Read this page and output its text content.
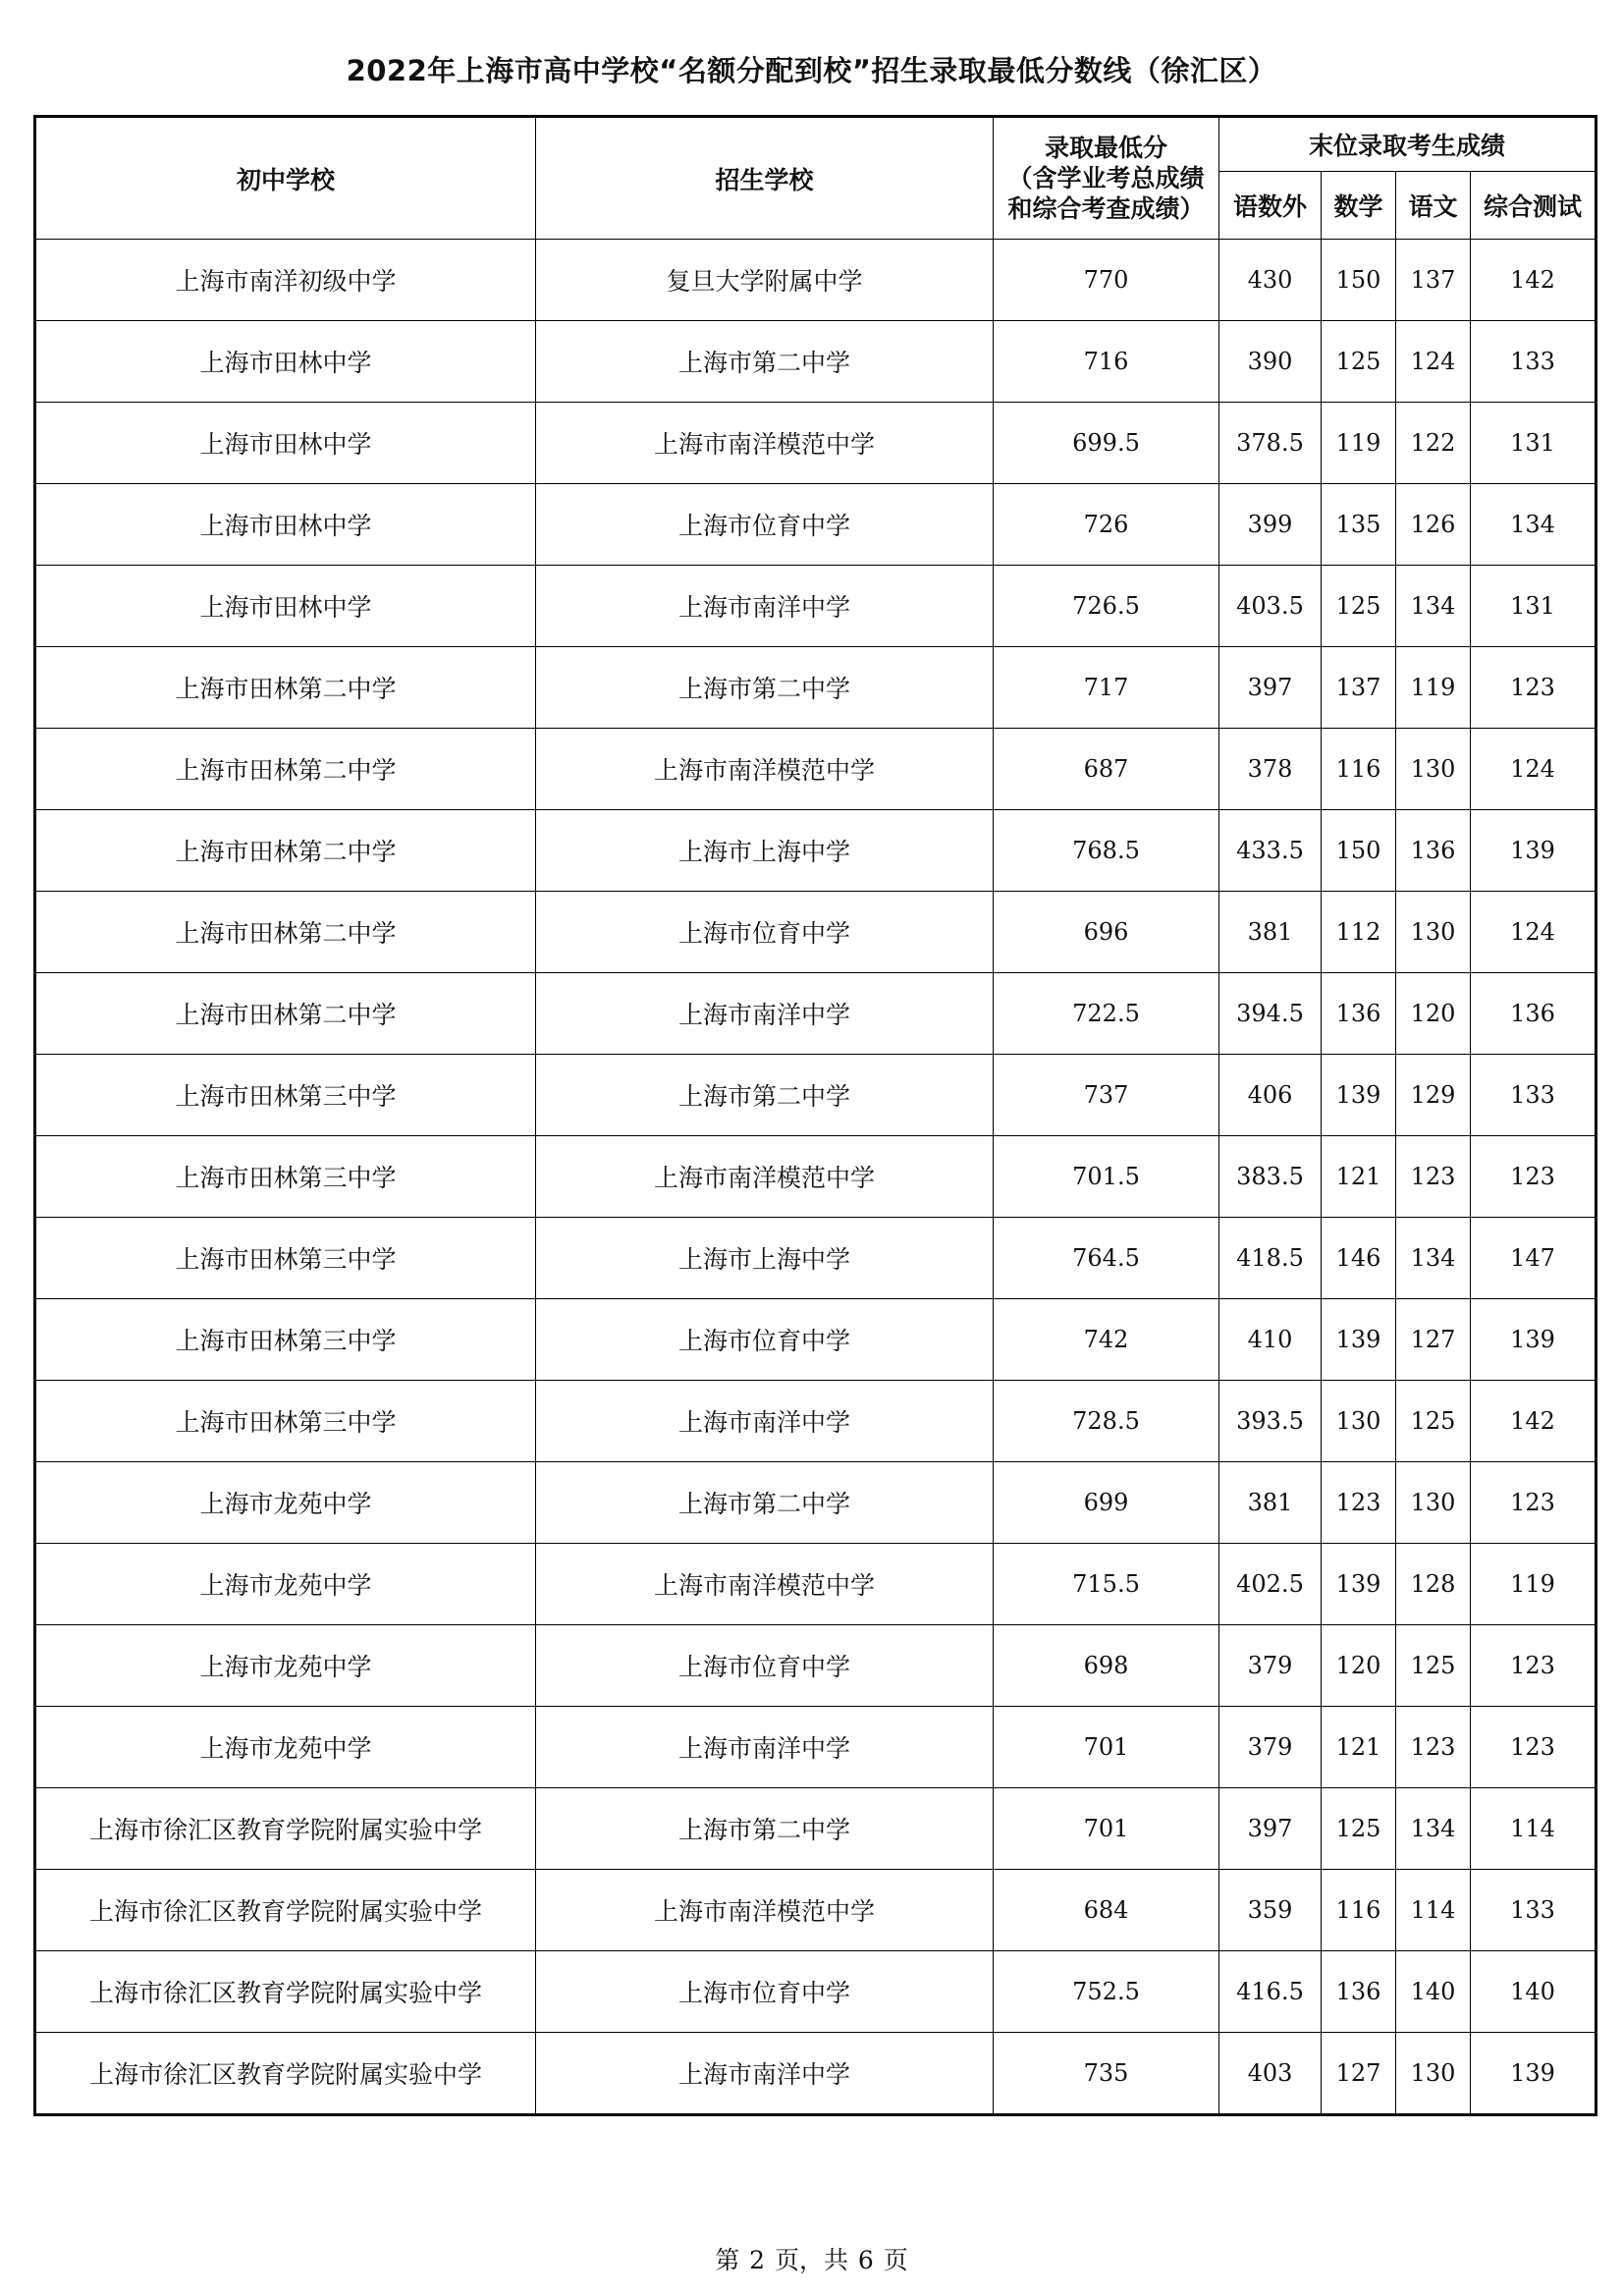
2022年上海市高中学校“名额分配到校”招生录取最低分数线（徐汇区）
初中学校	招生学校	录取最低分
（含学业考总成绩
和综合考查成绩）	末位录取考生成绩			
			语数外	数学	语文	综合测试
上海市南洋初级中学	复旦大学附属中学	770	430	150	137	142
上海市田林中学	上海市第二中学	716	390	125	124	133
上海市田林中学	上海市南洋模范中学	699.5	378.5	119	122	131
上海市田林中学	上海市位育中学	726	399	135	126	134
上海市田林中学	上海市南洋中学	726.5	403.5	125	134	131
上海市田林第二中学	上海市第二中学	717	397	137	119	123
上海市田林第二中学	上海市南洋模范中学	687	378	116	130	124
上海市田林第二中学	上海市上海中学	768.5	433.5	150	136	139
上海市田林第二中学	上海市位育中学	696	381	112	130	124
上海市田林第二中学	上海市南洋中学	722.5	394.5	136	120	136
上海市田林第三中学	上海市第二中学	737	406	139	129	133
上海市田林第三中学	上海市南洋模范中学	701.5	383.5	121	123	123
上海市田林第三中学	上海市上海中学	764.5	418.5	146	134	147
上海市田林第三中学	上海市位育中学	742	410	139	127	139
上海市田林第三中学	上海市南洋中学	728.5	393.5	130	125	142
上海市龙苑中学	上海市第二中学	699	381	123	130	123
上海市龙苑中学	上海市南洋模范中学	715.5	402.5	139	128	119
上海市龙苑中学	上海市位育中学	698	379	120	125	123
上海市龙苑中学	上海市南洋中学	701	379	121	123	123
上海市徐汇区教育学院附属实验中学	上海市第二中学	701	397	125	134	114
上海市徐汇区教育学院附属实验中学	上海市南洋模范中学	684	359	116	114	133
上海市徐汇区教育学院附属实验中学	上海市位育中学	752.5	416.5	136	140	140
上海市徐汇区教育学院附属实验中学	上海市南洋中学	735	403	127	130	139
第 2 页，共 6 页
